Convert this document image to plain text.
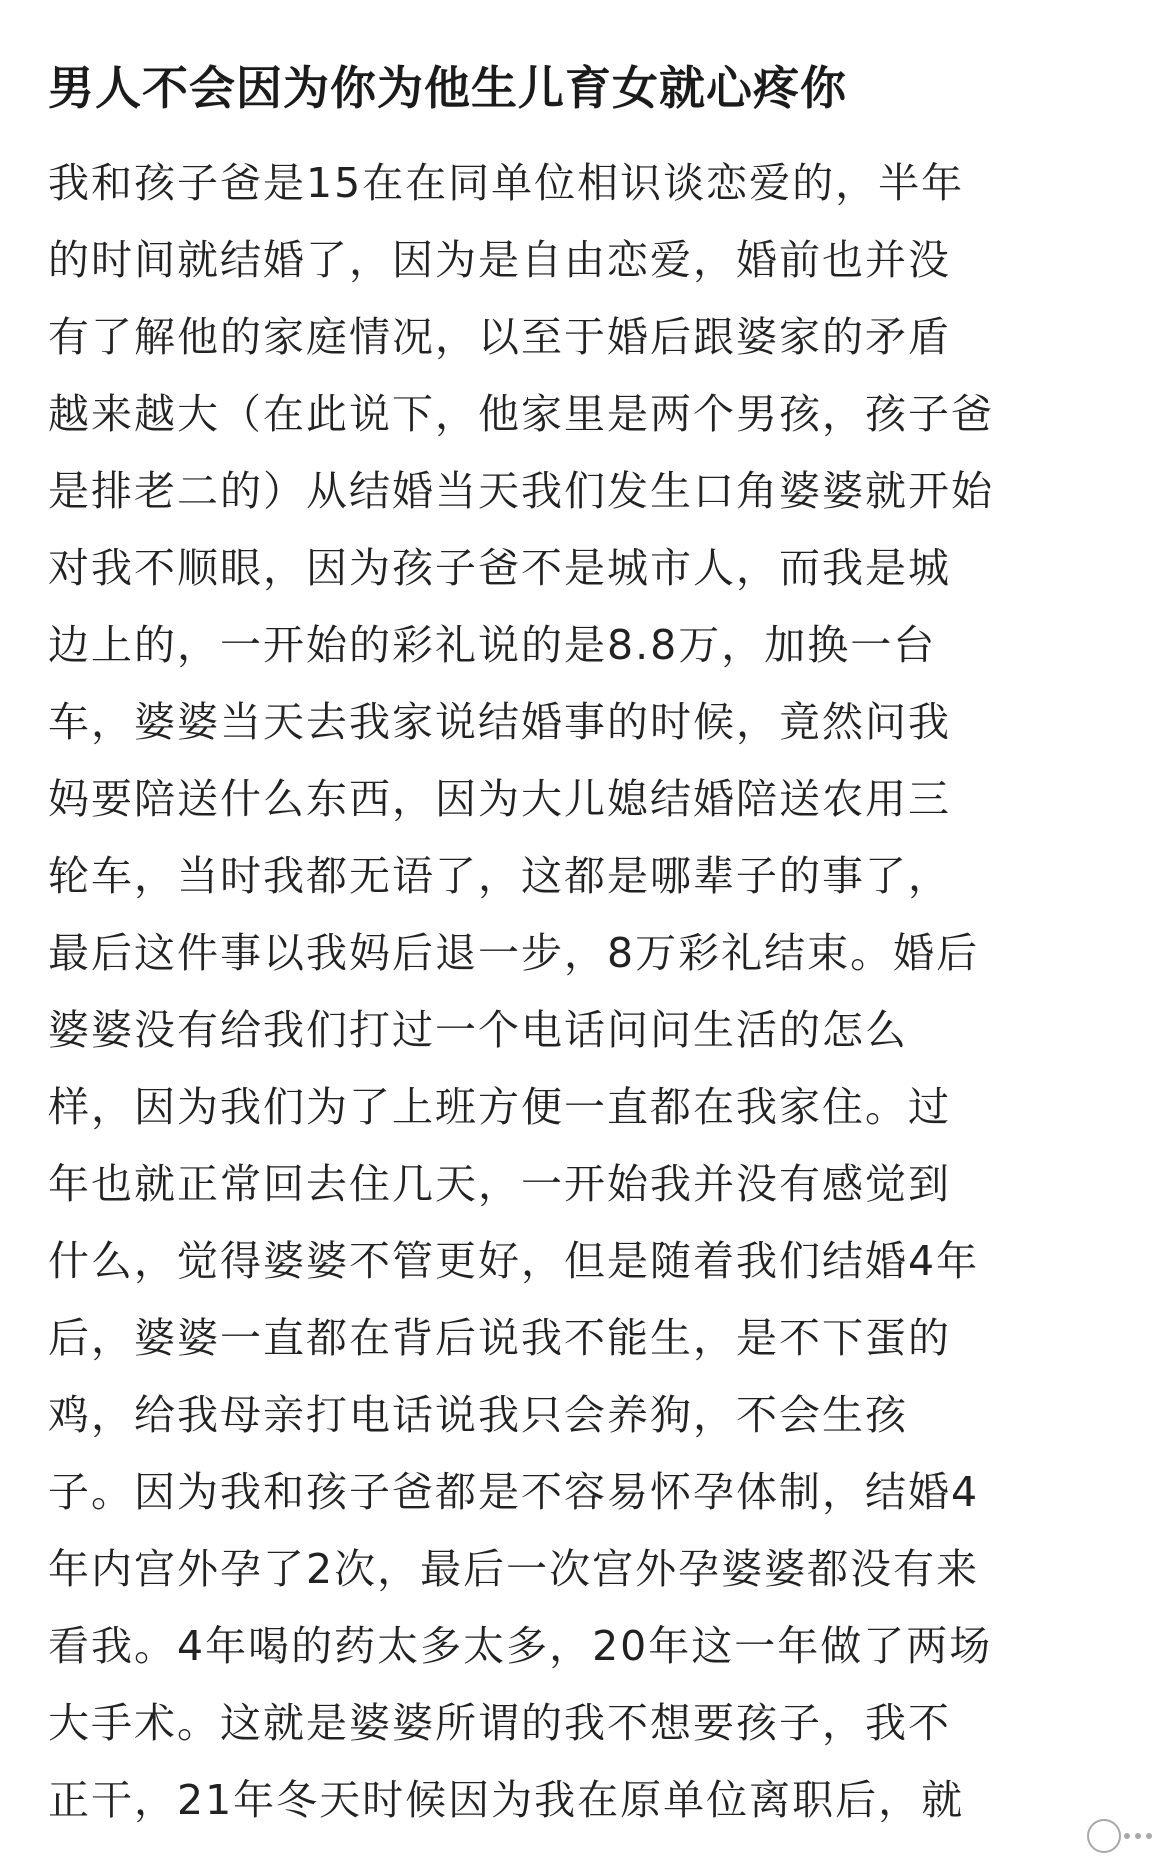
男人不会因为你为他生儿育女就心疼你
我和孩子爸是15在在同单位相识谈恋爱的，半年
的时间就结婚了，因为是自由恋爱，婚前也并没
有了解他的家庭情况，以至于婚后跟婆家的矛盾
越来越大（在此说下，他家里是两个男孩，孩子爸
是排老二的）从结婚当天我们发生口角婆婆就开始
对我不顺眼，因为孩子爸不是城市人，而我是城
边上的，一开始的彩礼说的是8.8万，加换一台
车，婆婆当天去我家说结婚事的时候，竟然问我
妈要陪送什么东西，因为大儿媳结婚陪送农用三
轮车，当时我都无语了，这都是哪辈子的事了，
最后这件事以我妈后退一步，8万彩礼结束。婚后
婆婆没有给我们打过一个电话问问生活的怎么
样，因为我们为了上班方便一直都在我家住。过
年也就正常回去住几天，一开始我并没有感觉到
什么，觉得婆婆不管更好，但是随着我们结婚4年
后，婆婆一直都在背后说我不能生，是不下蛋的
鸡，给我母亲打电话说我只会养狗，不会生孩
子。因为我和孩子爸都是不容易怀孕体制，结婚4
年内宫外孕了2次，最后一次宫外孕婆婆都没有来
看我。4年喝的药太多太多，20年这一年做了两场
大手术。这就是婆婆所谓的我不想要孩子，我不
正干，21年冬天时候因为我在原单位离职后，就
